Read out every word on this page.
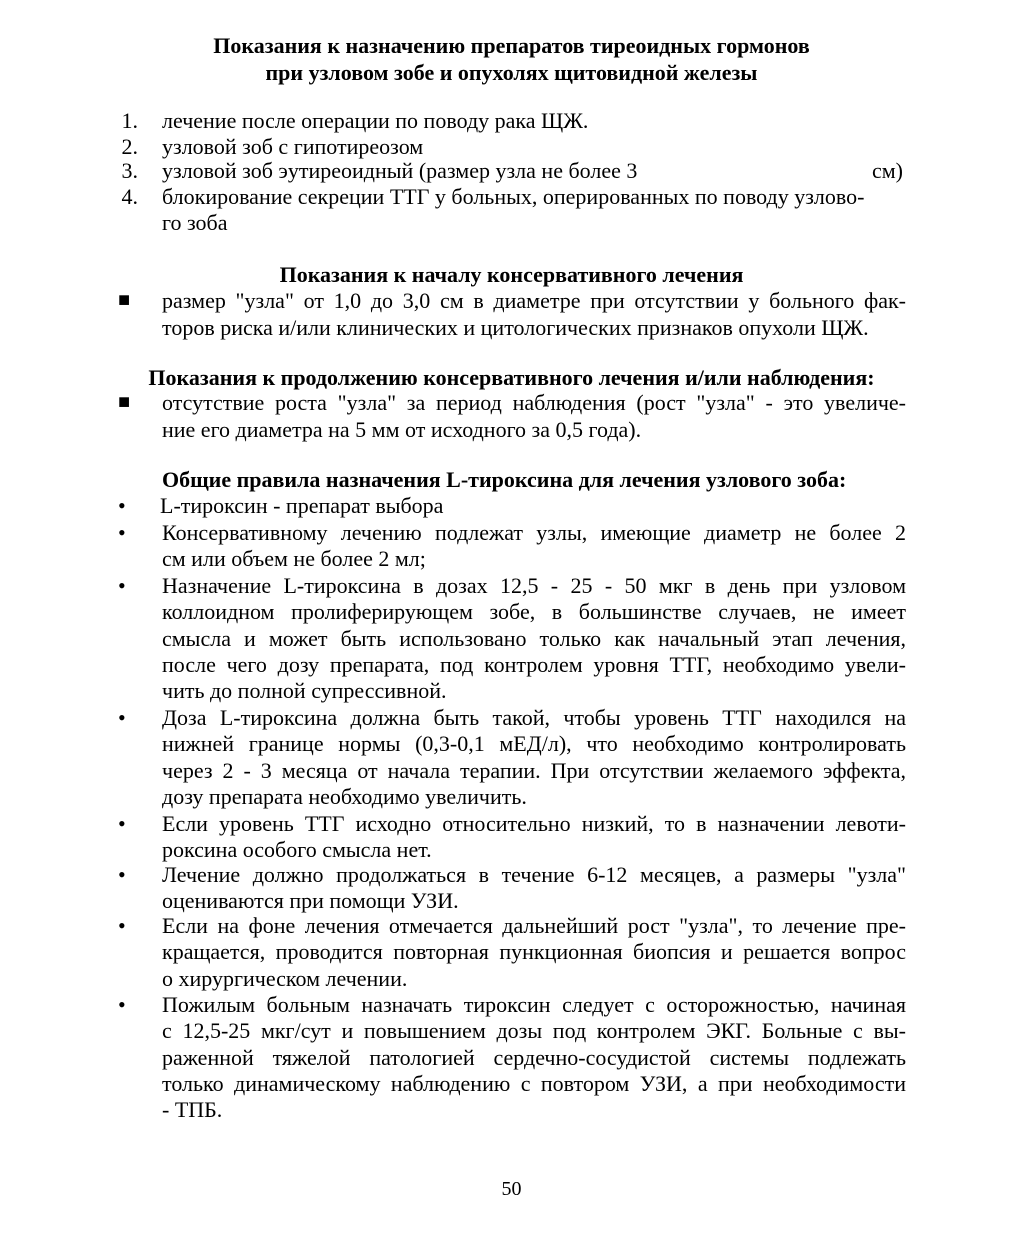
Показания к назначению препаратов тиреоидных гормонов
при узловом зобе и опухолях щитовидной железы
1. лечение после операции по поводу рака ЩЖ.
2. узловой зоб с гипотиреозом
3. узловой зоб эутиреоидный (размер узла не более 3	см)
4. блокирование секреции ТТГ у больных, оперированных по поводу узлово-
го зоба
Показания к началу консервативного лечения
■ размер "узла" от 1,0 до 3,0 см в диаметре при отсутствии у больного фак-
торов риска и/или клинических и цитологических признаков опухоли ЩЖ.
Показания к продолжению консервативного лечения и/или наблюдения:
■ отсутствие роста "узла" за период наблюдения (рост "узла" - это увеличе-
ние его диаметра на 5 мм от исходного за 0,5 года).
Общие правила назначения L-тироксина для лечения узлового зоба:
• L-тироксин - препарат выбора
• Консервативному лечению подлежат узлы, имеющие диаметр не более 2
см или объем не более 2 мл;
• Назначение L-тироксина в дозах 12,5 - 25 - 50 мкг в день при узловом
коллоидном пролиферирующем зобе, в большинстве случаев, не имеет
смысла и может быть использовано только как начальный этап лечения,
после чего дозу препарата, под контролем уровня ТТГ, необходимо увели-
чить до полной супрессивной.
• Доза L-тироксина должна быть такой, чтобы уровень ТТГ находился на
нижней границе нормы (0,3-0,1 мЕД/л), что необходимо контролировать
через 2 - 3 месяца от начала терапии. При отсутствии желаемого эффекта,
дозу препарата необходимо увеличить.
• Если уровень ТТГ исходно относительно низкий, то в назначении левоти-
роксина особого смысла нет.
• Лечение должно продолжаться в течение 6-12 месяцев, а размеры "узла"
оцениваются при помощи УЗИ.
• Если на фоне лечения отмечается дальнейший рост "узла", то лечение пре-
кращается, проводится повторная пункционная биопсия и решается вопрос
о хирургическом лечении.
• Пожилым больным назначать тироксин следует с осторожностью, начиная
с 12,5-25 мкг/сут и повышением дозы под контролем ЭКГ. Больные с вы-
раженной тяжелой патологией сердечно-сосудистой системы подлежать
только динамическому наблюдению с повтором УЗИ, а при необходимости
- ТПБ.
50
